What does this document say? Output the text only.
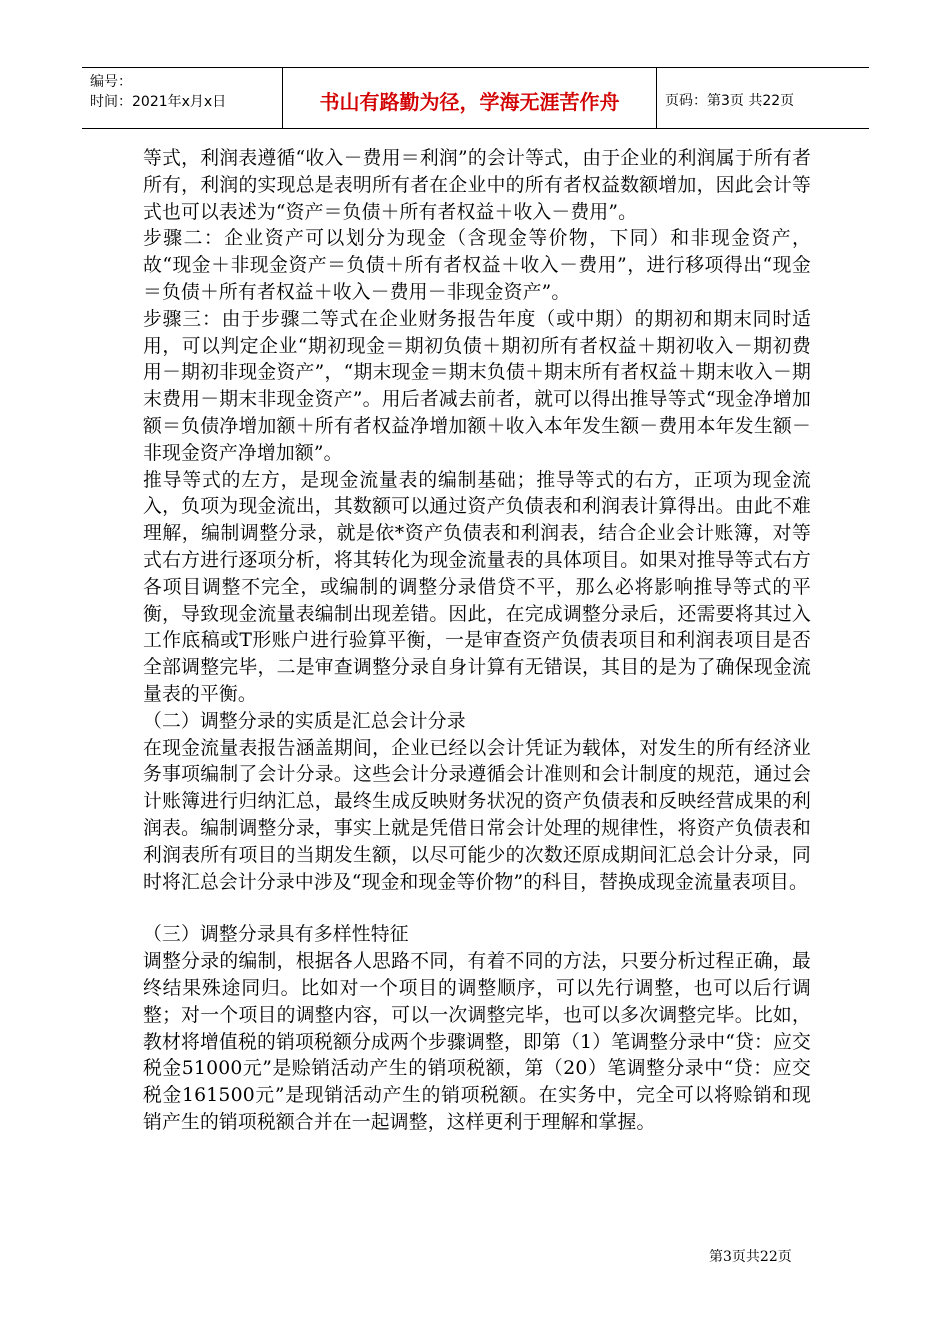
编号：
时间：2021年x月x日	书山有路勤为径，学海无涯苦作舟	页码：第3页 共22页

等式，利润表遵循“收入－费用＝利润”的会计等式，由于企业的利润属于所有者所有，利润的实现总是表明所有者在企业中的所有者权益数额增加，因此会计等式也可以表述为“资产＝负债＋所有者权益＋收入－费用”。

步骤二：企业资产可以划分为现金（含现金等价物，下同）和非现金资产，故“现金＋非现金资产＝负债＋所有者权益＋收入－费用”，进行移项得出“现金＝负债＋所有者权益＋收入－费用－非现金资产”。

步骤三：由于步骤二等式在企业财务报告年度（或中期）的期初和期末同时适用，可以判定企业“期初现金＝期初负债＋期初所有者权益＋期初收入－期初费用－期初非现金资产”，“期末现金＝期末负债＋期末所有者权益＋期末收入－期末费用－期末非现金资产”。用后者减去前者，就可以得出推导等式“现金净增加额＝负债净增加额＋所有者权益净增加额＋收入本年发生额－费用本年发生额－非现金资产净增加额”。

推导等式的左方，是现金流量表的编制基础；推导等式的右方，正项为现金流入，负项为现金流出，其数额可以通过资产负债表和利润表计算得出。由此不难理解，编制调整分录，就是依*资产负债表和利润表，结合企业会计账簿，对等式右方进行逐项分析，将其转化为现金流量表的具体项目。如果对推导等式右方各项目调整不完全，或编制的调整分录借贷不平，那么必将影响推导等式的平衡，导致现金流量表编制出现差错。因此，在完成调整分录后，还需要将其过入工作底稿或T形账户进行验算平衡，一是审查资产负债表项目和利润表项目是否全部调整完毕，二是审查调整分录自身计算有无错误，其目的是为了确保现金流量表的平衡。

（二）调整分录的实质是汇总会计分录

在现金流量表报告涵盖期间，企业已经以会计凭证为载体，对发生的所有经济业务事项编制了会计分录。这些会计分录遵循会计准则和会计制度的规范，通过会计账簿进行归纳汇总，最终生成反映财务状况的资产负债表和反映经营成果的利润表。编制调整分录，事实上就是凭借日常会计处理的规律性，将资产负债表和利润表所有项目的当期发生额，以尽可能少的次数还原成期间汇总会计分录，同时将汇总会计分录中涉及“现金和现金等价物”的科目，替换成现金流量表项目。

（三）调整分录具有多样性特征

调整分录的编制，根据各人思路不同，有着不同的方法，只要分析过程正确，最终结果殊途同归。比如对一个项目的调整顺序，可以先行调整，也可以后行调整；对一个项目的调整内容，可以一次调整完毕，也可以多次调整完毕。比如，教材将增值税的销项税额分成两个步骤调整，即第（1）笔调整分录中“贷：应交税金51000元”是赊销活动产生的销项税额，第（20）笔调整分录中“贷：应交税金161500元”是现销活动产生的销项税额。在实务中，完全可以将赊销和现销产生的销项税额合并在一起调整，这样更利于理解和掌握。

第3页共22页
